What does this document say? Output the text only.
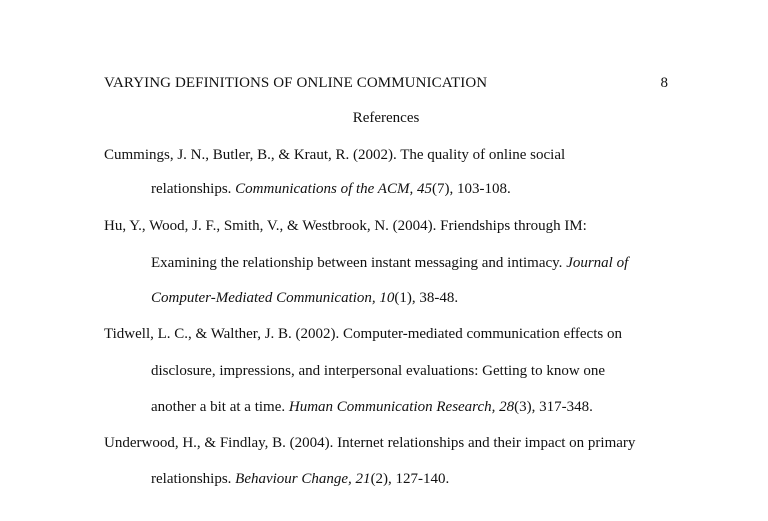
VARYING DEFINITIONS OF ONLINE COMMUNICATION	8
References
Cummings, J. N., Butler, B., & Kraut, R. (2002). The quality of online social
relationships. Communications of the ACM, 45(7), 103-108.
Hu, Y., Wood, J. F., Smith, V., & Westbrook, N. (2004). Friendships through IM:
Examining the relationship between instant messaging and intimacy. Journal of
Computer-Mediated Communication, 10(1), 38-48.
Tidwell, L. C., & Walther, J. B. (2002). Computer-mediated communication effects on
disclosure, impressions, and interpersonal evaluations: Getting to know one
another a bit at a time. Human Communication Research, 28(3), 317-348.
Underwood, H., & Findlay, B. (2004). Internet relationships and their impact on primary
relationships. Behaviour Change, 21(2), 127-140.
